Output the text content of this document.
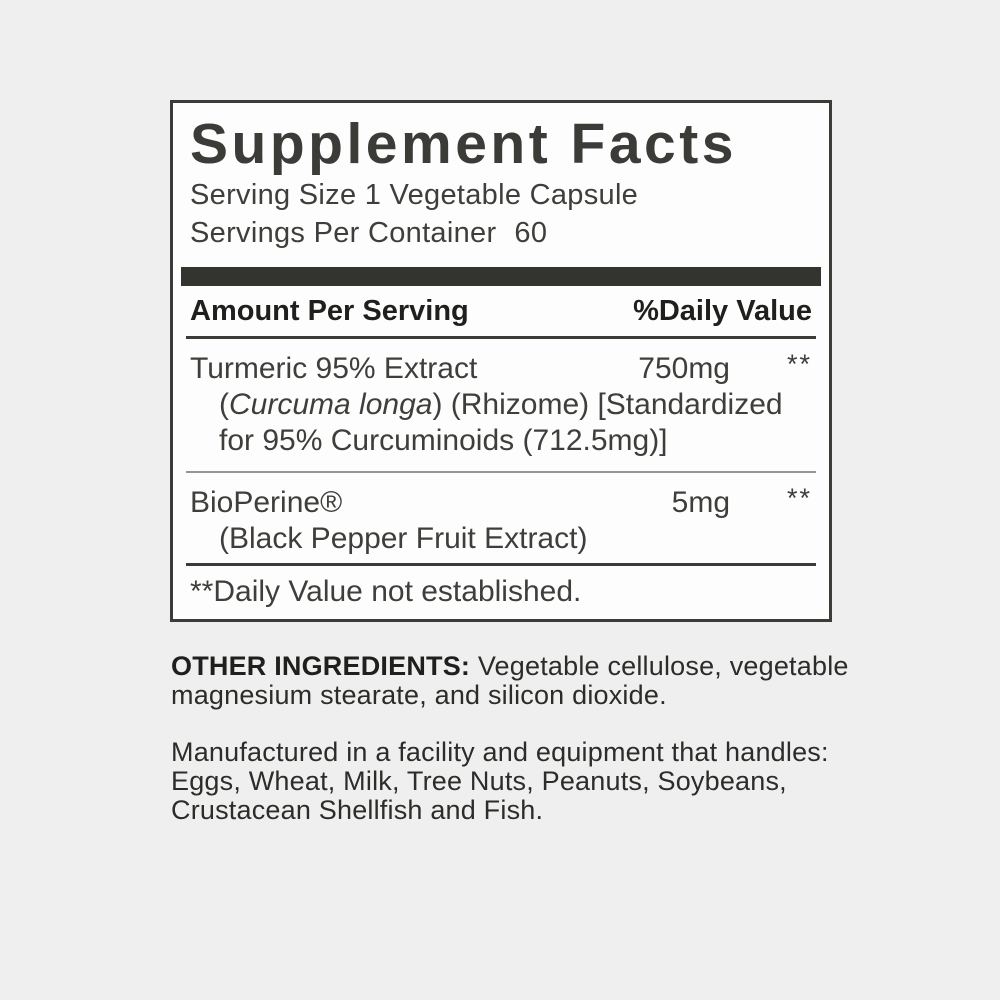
Supplement Facts
Serving Size 1 Vegetable Capsule
Servings Per Container 60
Amount Per Serving	%Daily Value
Turmeric 95% Extract	750mg	**
(Curcuma longa) (Rhizome) [Standardized
for 95% Curcuminoids (712.5mg)]
BioPerine®	5mg	**
(Black Pepper Fruit Extract)
**Daily Value not established.
OTHER INGREDIENTS: Vegetable cellulose, vegetable
magnesium stearate, and silicon dioxide.
Manufactured in a facility and equipment that handles:
Eggs, Wheat, Milk, Tree Nuts, Peanuts, Soybeans,
Crustacean Shellfish and Fish.
